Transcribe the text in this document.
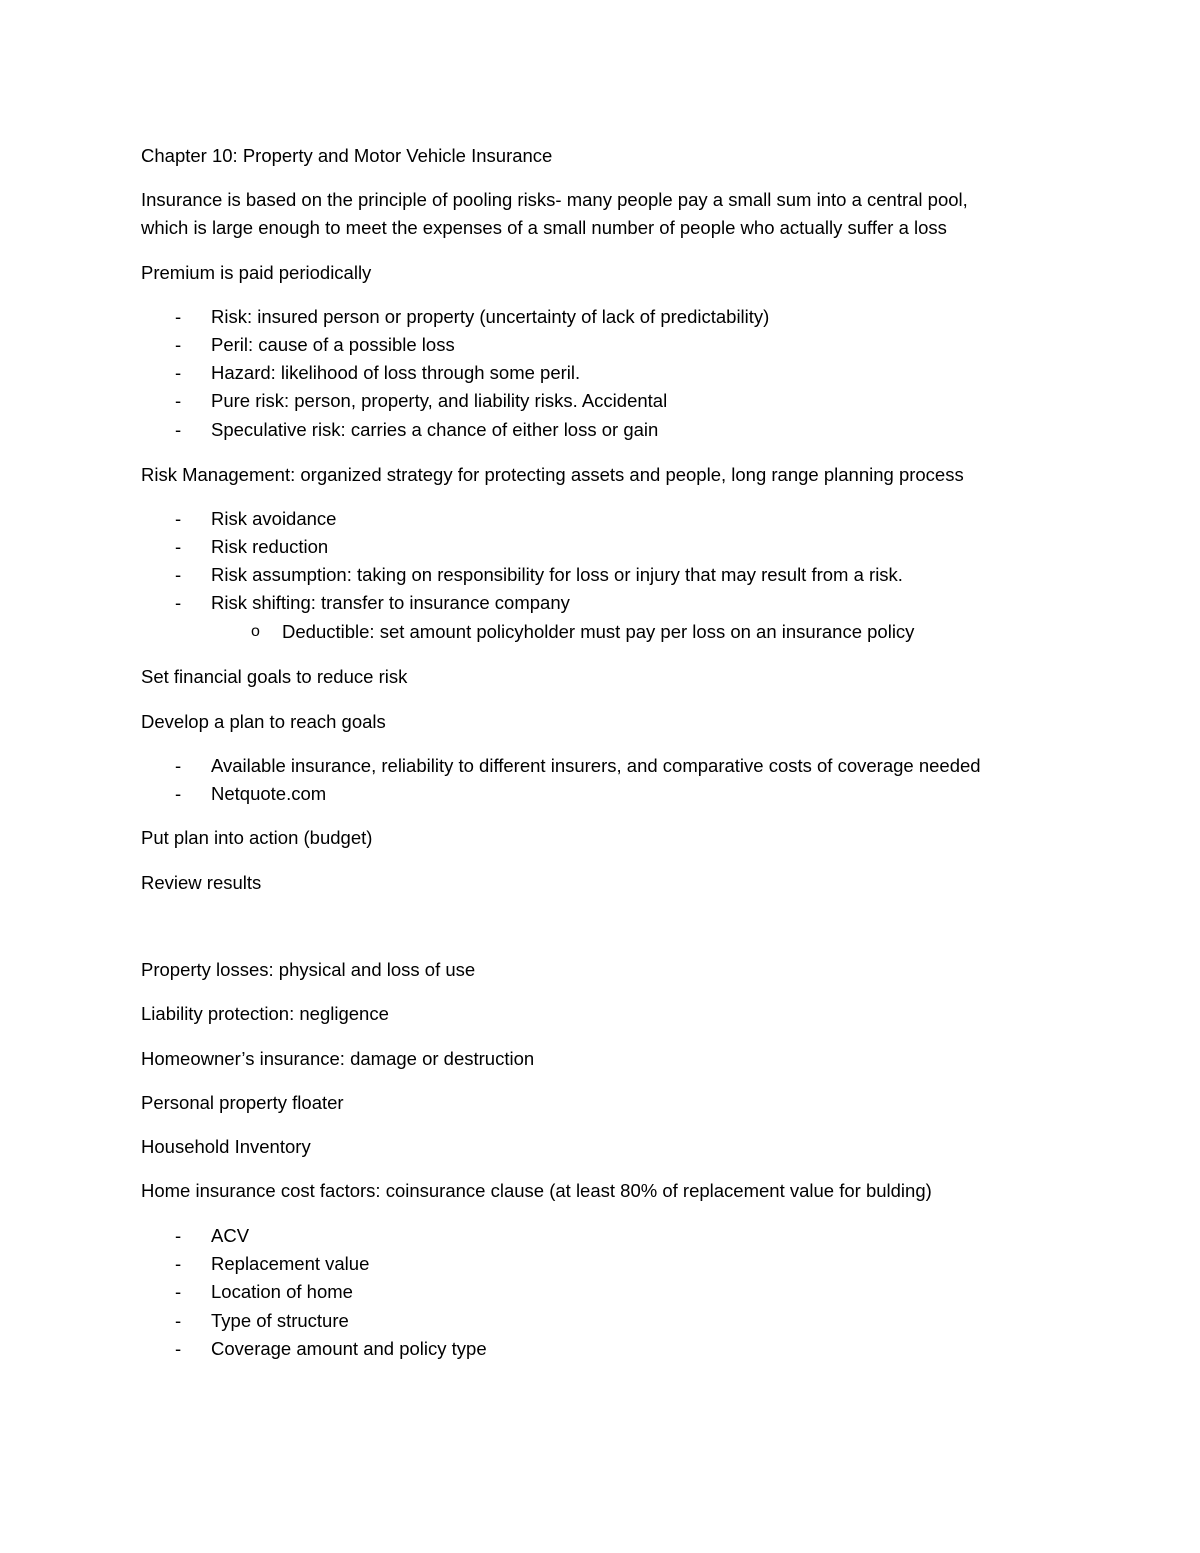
Chapter 10: Property and Motor Vehicle Insurance

Insurance is based on the principle of pooling risks- many people pay a small sum into a central pool,

which is large enough to meet the expenses of a small number of people who actually suffer a loss

Premium is paid periodically

- Risk: insured person or property (uncertainty of lack of predictability)

- Peril: cause of a possible loss

- Hazard: likelihood of loss through some peril.

- Pure risk: person, property, and liability risks. Accidental

- Speculative risk: carries a chance of either loss or gain

Risk Management: organized strategy for protecting assets and people, long range planning process

- Risk avoidance

- Risk reduction

- Risk assumption: taking on responsibility for loss or injury that may result from a risk.

- Risk shifting: transfer to insurance company

o Deductible: set amount policyholder must pay per loss on an insurance policy

Set financial goals to reduce risk

Develop a plan to reach goals

- Available insurance, reliability to different insurers, and comparative costs of coverage needed

- Netquote.com

Put plan into action (budget)

Review results

Property losses: physical and loss of use

Liability protection: negligence

Homeowner’s insurance: damage or destruction

Personal property floater

Household Inventory

Home insurance cost factors: coinsurance clause (at least 80% of replacement value for bulding)

- ACV

- Replacement value

- Location of home

- Type of structure

- Coverage amount and policy type
